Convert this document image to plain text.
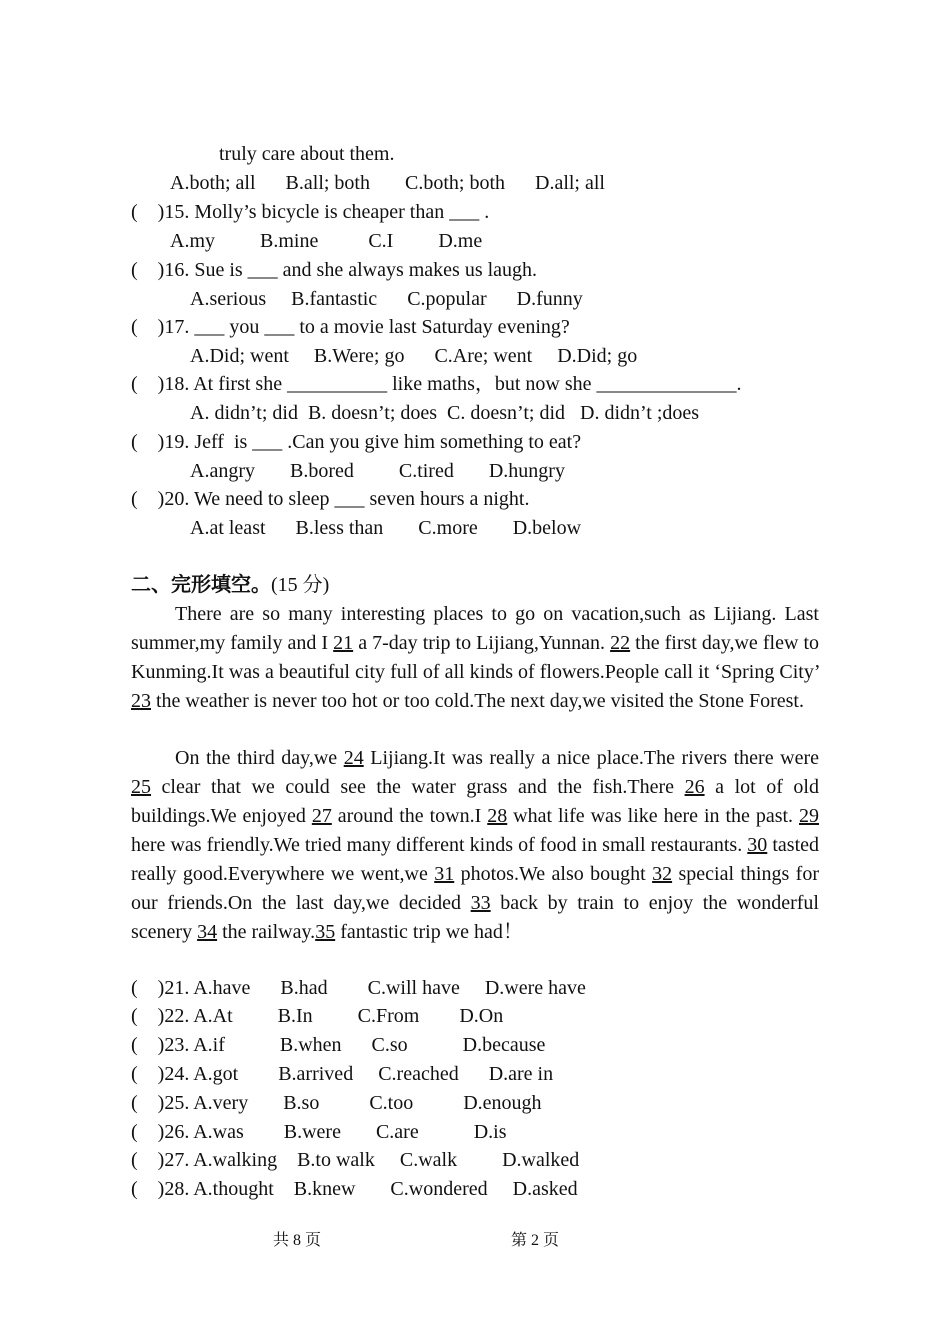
truly care about them.
A.both; all      B.all; both       C.both; both      D.all; all
(    )15. Molly’s bicycle is cheaper than ___ .
A.my         B.mine          C.I         D.me
(    )16. Sue is ___ and she always makes us laugh.
A.serious     B.fantastic      C.popular      D.funny
(    )17. ___ you ___ to a movie last Saturday evening?
A.Did; went     B.Were; go      C.Are; went     D.Did; go
(    )18. At first she __________ like maths，but now she ______________.
A. didn’t; did  B. doesn’t; does  C. doesn’t; did   D. didn’t ;does
(    )19. Jeff  is ___ .Can you give him something to eat?
A.angry       B.bored         C.tired       D.hungry
(    )20. We need to sleep ___ seven hours a night.
A.at least      B.less than       C.more       D.below
二、完形填空。(15 分)
There are so many interesting places to go on vacation,such as Lijiang. Last summer,my family and I 21 a 7-day trip to Lijiang,Yunnan. 22 the first day,we flew to Kunming.It was a beautiful city full of all kinds of flowers.People call it ‘Spring City’ 23 the weather is never too hot or too cold.The next day,we visited the Stone Forest.
On the third day,we 24 Lijiang.It was really a nice place.The rivers there were 25 clear that we could see the water grass and the fish.There 26 a lot of old buildings.We enjoyed 27 around the town.I 28 what life was like here in the past. 29 here was friendly.We tried many different kinds of food in small restaurants. 30 tasted really good.Everywhere we went,we 31 photos.We also bought 32 special things for our friends.On the last day,we decided 33 back by train to enjoy the wonderful scenery 34 the railway.35 fantastic trip we had！
(    )21. A.have      B.had        C.will have     D.were have
(    )22. A.At         B.In         C.From        D.On
(    )23. A.if           B.when      C.so           D.because
(    )24. A.got        B.arrived     C.reached      D.are in
(    )25. A.very       B.so          C.too          D.enough
(    )26. A.was        B.were       C.are           D.is
(    )27. A.walking    B.to walk     C.walk         D.walked
(    )28. A.thought    B.knew       C.wondered     D.asked
共 8 页	第 2 页
